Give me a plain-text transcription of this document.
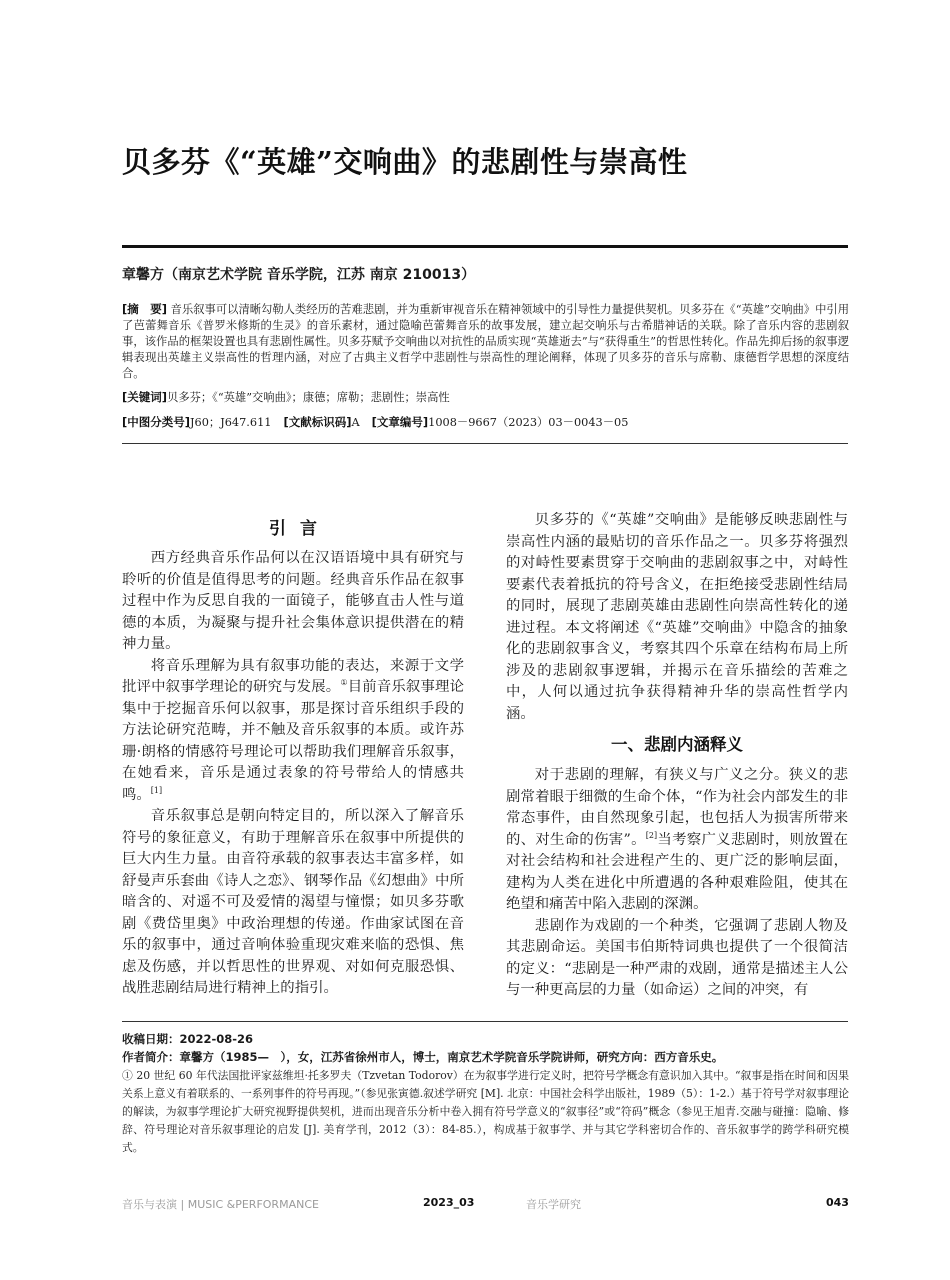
贝多芬《“英雄”交响曲》的悲剧性与崇高性
章馨方（南京艺术学院 音乐学院，江苏 南京 210013）
[摘　要] 音乐叙事可以清晰勾勒人类经历的苦难悲剧，并为重新审视音乐在精神领域中的引导性力量提供契机。贝多芬在《“英雄”交响曲》中引用了芭蕾舞音乐《普罗米修斯的生灵》的音乐素材，通过隐喻芭蕾舞音乐的故事发展，建立起交响乐与古希腊神话的关联。除了音乐内容的悲剧叙事，该作品的框架设置也具有悲剧性属性。贝多芬赋予交响曲以对抗性的品质实现“英雄逝去”与“获得重生”的哲思性转化。作品先抑后扬的叙事逻辑表现出英雄主义崇高性的哲理内涵，对应了古典主义哲学中悲剧性与崇高性的理论阐释，体现了贝多芬的音乐与席勒、康德哲学思想的深度结合。
[关键词]贝多芬；《“英雄”交响曲》；康德；席勒；悲剧性；崇高性
[中图分类号]J60；J647.611 [文献标识码]A [文章编号]1008－9667（2023）03－0043－05
引言

西方经典音乐作品何以在汉语语境中具有研究与聆听的价值是值得思考的问题。经典音乐作品在叙事过程中作为反思自我的一面镜子，能够直击人性与道德的本质，为凝聚与提升社会集体意识提供潜在的精神力量。

将音乐理解为具有叙事功能的表达，来源于文学批评中叙事学理论的研究与发展。①目前音乐叙事理论集中于挖掘音乐何以叙事，那是探讨音乐组织手段的方法论研究范畴，并不触及音乐叙事的本质。或许苏珊·朗格的情感符号理论可以帮助我们理解音乐叙事，在她看来，音乐是通过表象的符号带给人的情感共鸣。[1]

音乐叙事总是朝向特定目的，所以深入了解音乐符号的象征意义，有助于理解音乐在叙事中所提供的巨大内生力量。由音符承载的叙事表达丰富多样，如舒曼声乐套曲《诗人之恋》、钢琴作品《幻想曲》中所暗含的、对遥不可及爱情的渴望与憧憬；如贝多芬歌剧《费岱里奥》中政治理想的传递。作曲家试图在音乐的叙事中，通过音响体验重现灾难来临的恐惧、焦虑及伤感，并以哲思性的世界观、对如何克服恐惧、战胜悲剧结局进行精神上的指引。

贝多芬的《“英雄”交响曲》是能够反映悲剧性与崇高性内涵的最贴切的音乐作品之一。贝多芬将强烈的对峙性要素贯穿于交响曲的悲剧叙事之中，对峙性要素代表着抵抗的符号含义，在拒绝接受悲剧性结局的同时，展现了悲剧英雄由悲剧性向崇高性转化的递进过程。本文将阐述《“英雄”交响曲》中隐含的抽象化的悲剧叙事含义，考察其四个乐章在结构布局上所涉及的悲剧叙事逻辑，并揭示在音乐描绘的苦难之中，人何以通过抗争获得精神升华的崇高性哲学内涵。

一、悲剧内涵释义

对于悲剧的理解，有狭义与广义之分。狭义的悲剧常着眼于细微的生命个体，“作为社会内部发生的非常态事件，由自然现象引起，也包括人为损害所带来的、对生命的伤害”。[2]当考察广义悲剧时，则放置在对社会结构和社会进程产生的、更广泛的影响层面，建构为人类在进化中所遭遇的各种艰难险阻，使其在绝望和痛苦中陷入悲剧的深渊。

悲剧作为戏剧的一个种类，它强调了悲剧人物及其悲剧命运。美国韦伯斯特词典也提供了一个很简洁的定义：“悲剧是一种严肃的戏剧，通常是描述主人公与一种更高层的力量（如命运）之间的冲突，有

收稿日期：2022-08-26
作者简介：章馨方（1985—　），女，江苏省徐州市人，博士，南京艺术学院音乐学院讲师，研究方向：西方音乐史。
① 20 世纪 60 年代法国批评家兹维坦·托多罗夫（Tzvetan Todorov）在为叙事学进行定义时，把符号学概念有意识加入其中。“叙事是指在时间和因果关系上意义有着联系的、一系列事件的符号再现。”（参见张寅德.叙述学研究 [M]. 北京：中国社会科学出版社，1989（5）：1-2.）基于符号学对叙事理论的解读，为叙事学理论扩大研究视野提供契机，进而出现音乐分析中卷入拥有符号学意义的“叙事径”或“符码”概念（参见王旭青.交融与碰撞：隐喻、修辞、符号理论对音乐叙事理论的启发 [J]. 美育学刊，2012（3）：84-85.），构成基于叙事学、并与其它学科密切合作的、音乐叙事学的跨学科研究模式。
音乐与表演 | MUSIC &PERFORMANCE	2023_03	音乐学研究	043
